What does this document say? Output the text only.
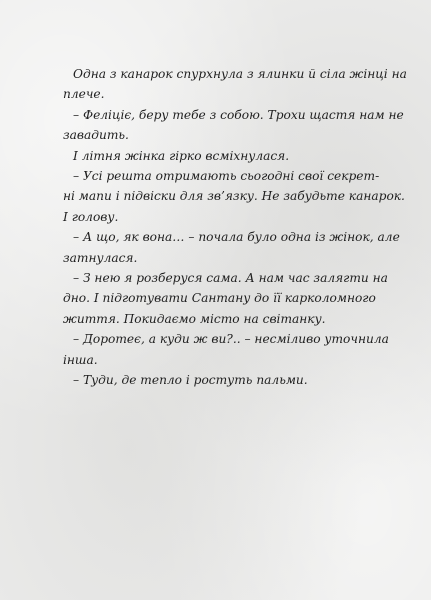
Одна з канарок спурхнула з ялинки й сіла жінці на
плече.
– Феліціє, беру тебе з собою. Трохи щастя нам не
завадить.
І літня жінка гірко всміхнулася.
– Усі решта отримають сьогодні свої секрет-
ні мапи і підвіски для зв’язку. Не забудьте канарок.
І голову.
– А що, як вона… – почала було одна із жінок, але
затнулася.
– З нею я розберуся сама. А нам час залягти на
дно. І підготувати Сантану до її карколомного
життя. Покидаємо місто на світанку.
– Доротеє, а куди ж ви?.. – несміливо уточнила
інша.
– Туди, де тепло і ростуть пальми.
